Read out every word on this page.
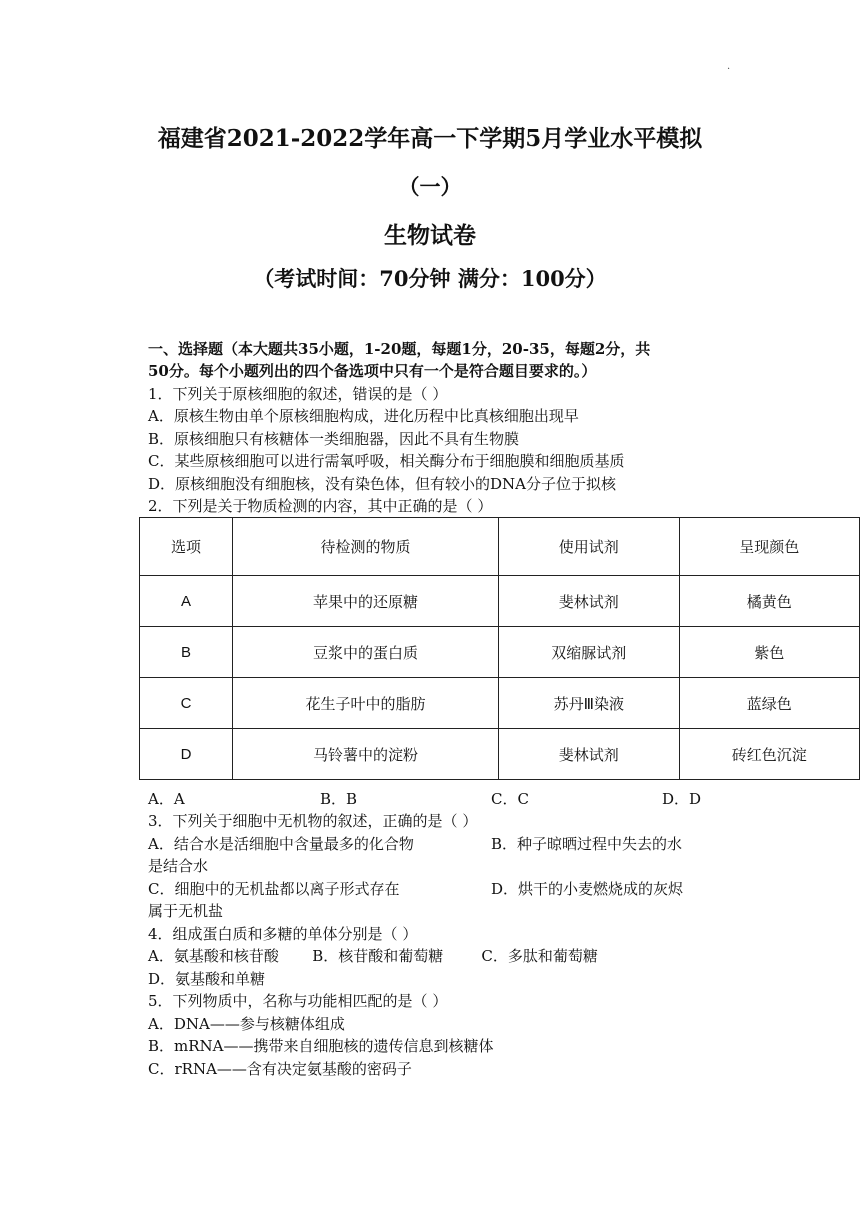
·
福建省2021-2022学年高一下学期5月学业水平模拟
（一）
生物试卷
（考试时间：70分钟 满分：100分）
一、选择题（本大题共35小题，1-20题，每题1分，20-35，每题2分，共
50分。每个小题列出的四个备选项中只有一个是符合题目要求的。）
1．下列关于原核细胞的叙述，错误的是（ ）
A．原核生物由单个原核细胞构成，进化历程中比真核细胞出现早
B．原核细胞只有核糖体一类细胞器，因此不具有生物膜
C．某些原核细胞可以进行需氧呼吸，相关酶分布于细胞膜和细胞质基质
D．原核细胞没有细胞核，没有染色体，但有较小的DNA分子位于拟核
2．下列是关于物质检测的内容，其中正确的是（ ）
选项	待检测的物质	使用试剂	呈现颜色
A	苹果中的还原糖	斐林试剂	橘黄色
B	豆浆中的蛋白质	双缩脲试剂	紫色
C	花生子叶中的脂肪	苏丹Ⅲ染液	蓝绿色
D	马铃薯中的淀粉	斐林试剂	砖红色沉淀
A．A	B．B	C．C	D．D
3．下列关于细胞中无机物的叙述，正确的是（ ）
A．结合水是活细胞中含量最多的化合物	B．种子晾晒过程中失去的水
是结合水
C．细胞中的无机盐都以离子形式存在	D．烘干的小麦燃烧成的灰烬
属于无机盐
4．组成蛋白质和多糖的单体分别是（ ）
A．氨基酸和核苷酸       B．核苷酸和葡萄糖        C．多肽和葡萄糖
D．氨基酸和单糖
5．下列物质中，名称与功能相匹配的是（ ）
A．DNA——参与核糖体组成
B．mRNA——携带来自细胞核的遗传信息到核糖体
C．rRNA——含有决定氨基酸的密码子
